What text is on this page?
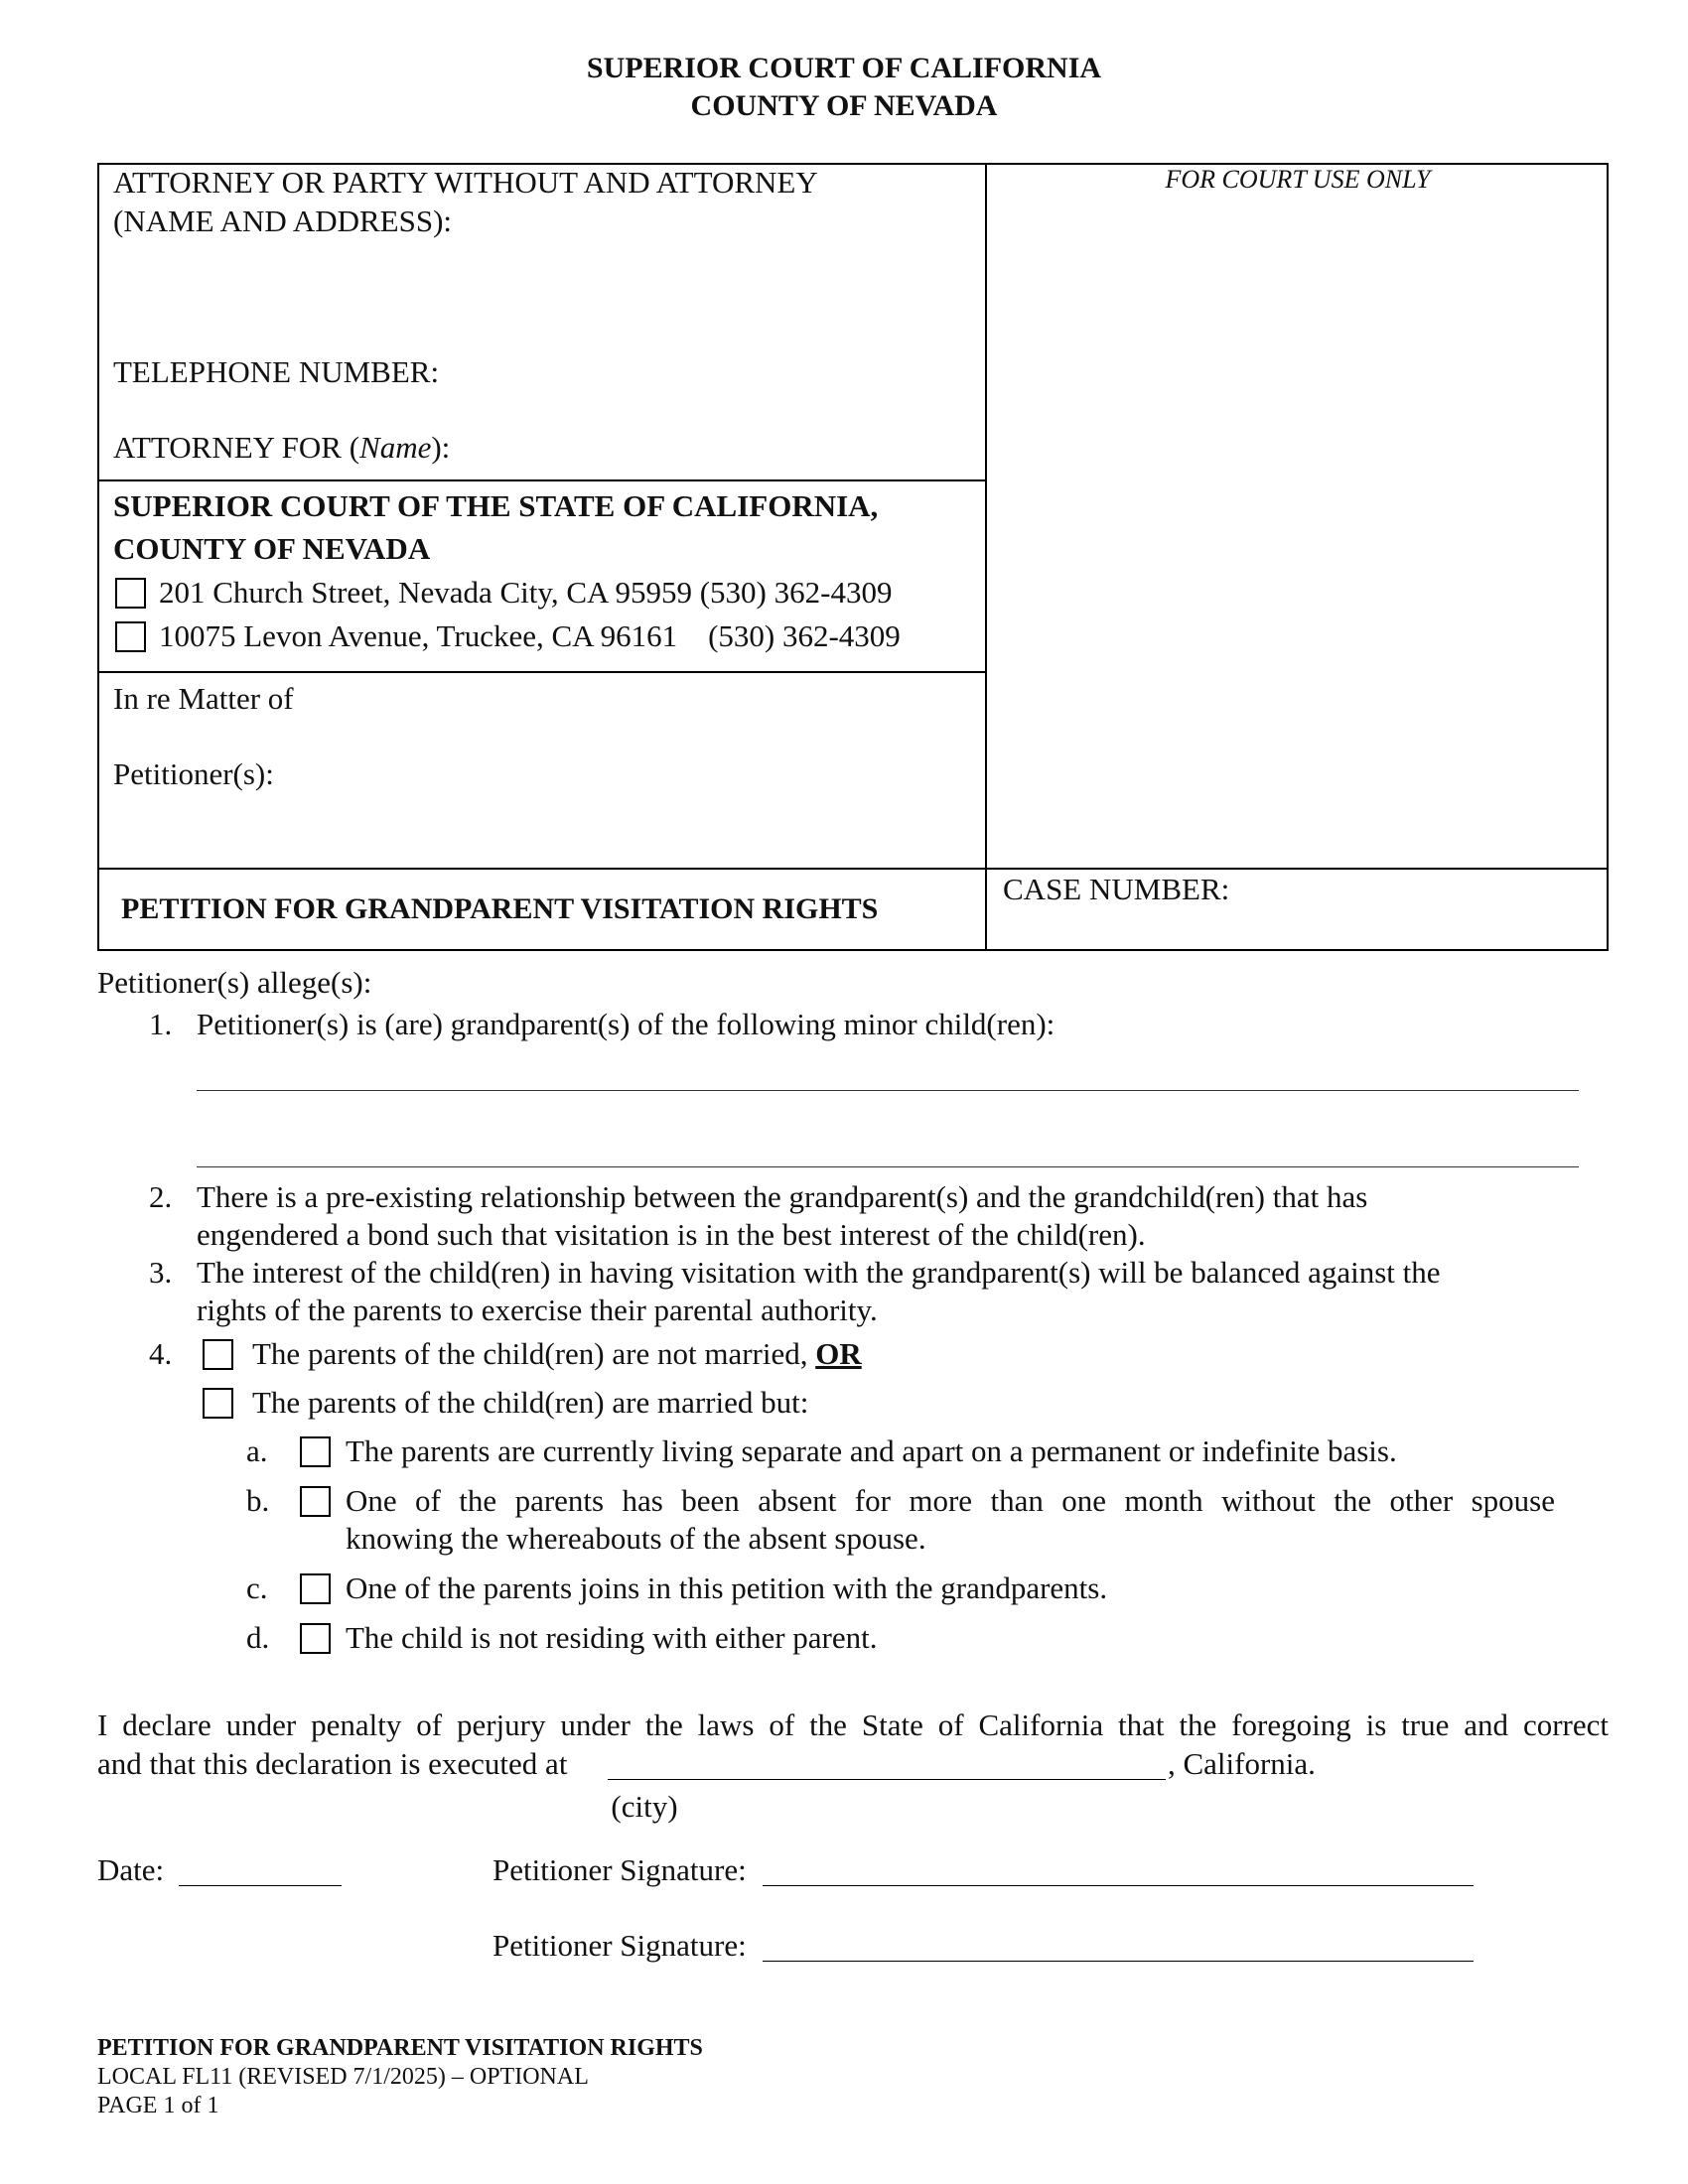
SUPERIOR COURT OF CALIFORNIA
COUNTY OF NEVADA
ATTORNEY OR PARTY WITHOUT AND ATTORNEY
(NAME AND ADDRESS):
TELEPHONE NUMBER:
ATTORNEY FOR (Name):
FOR COURT USE ONLY
SUPERIOR COURT OF THE STATE OF CALIFORNIA,
COUNTY OF NEVADA
201 Church Street, Nevada City, CA 95959 (530) 362-4309
10075 Levon Avenue, Truckee, CA 96161    (530) 362-4309
In re Matter of
Petitioner(s):
PETITION FOR GRANDPARENT VISITATION RIGHTS
CASE NUMBER:
Petitioner(s) allege(s):
1. Petitioner(s) is (are) grandparent(s) of the following minor child(ren):
2. There is a pre-existing relationship between the grandparent(s) and the grandchild(ren) that has
engendered a bond such that visitation is in the best interest of the child(ren).
3. The interest of the child(ren) in having visitation with the grandparent(s) will be balanced against the
rights of the parents to exercise their parental authority.
4.	The parents of the child(ren) are not married, OR
The parents of the child(ren) are married but:
a.	The parents are currently living separate and apart on a permanent or indefinite basis.
b. One of the parents has been absent for more than one month without the other spouse
knowing the whereabouts of the absent spouse.
c.	One of the parents joins in this petition with the grandparents.
d. The child is not residing with either parent.
I declare under penalty of perjury under the laws of the State of California that the foregoing is true and correct
and that this declaration is executed at	, California.
(city)
Date:	Petitioner Signature:
Petitioner Signature:
PETITION FOR GRANDPARENT VISITATION RIGHTS
LOCAL FL11 (REVISED 7/1/2025) – OPTIONAL
PAGE 1 of 1
